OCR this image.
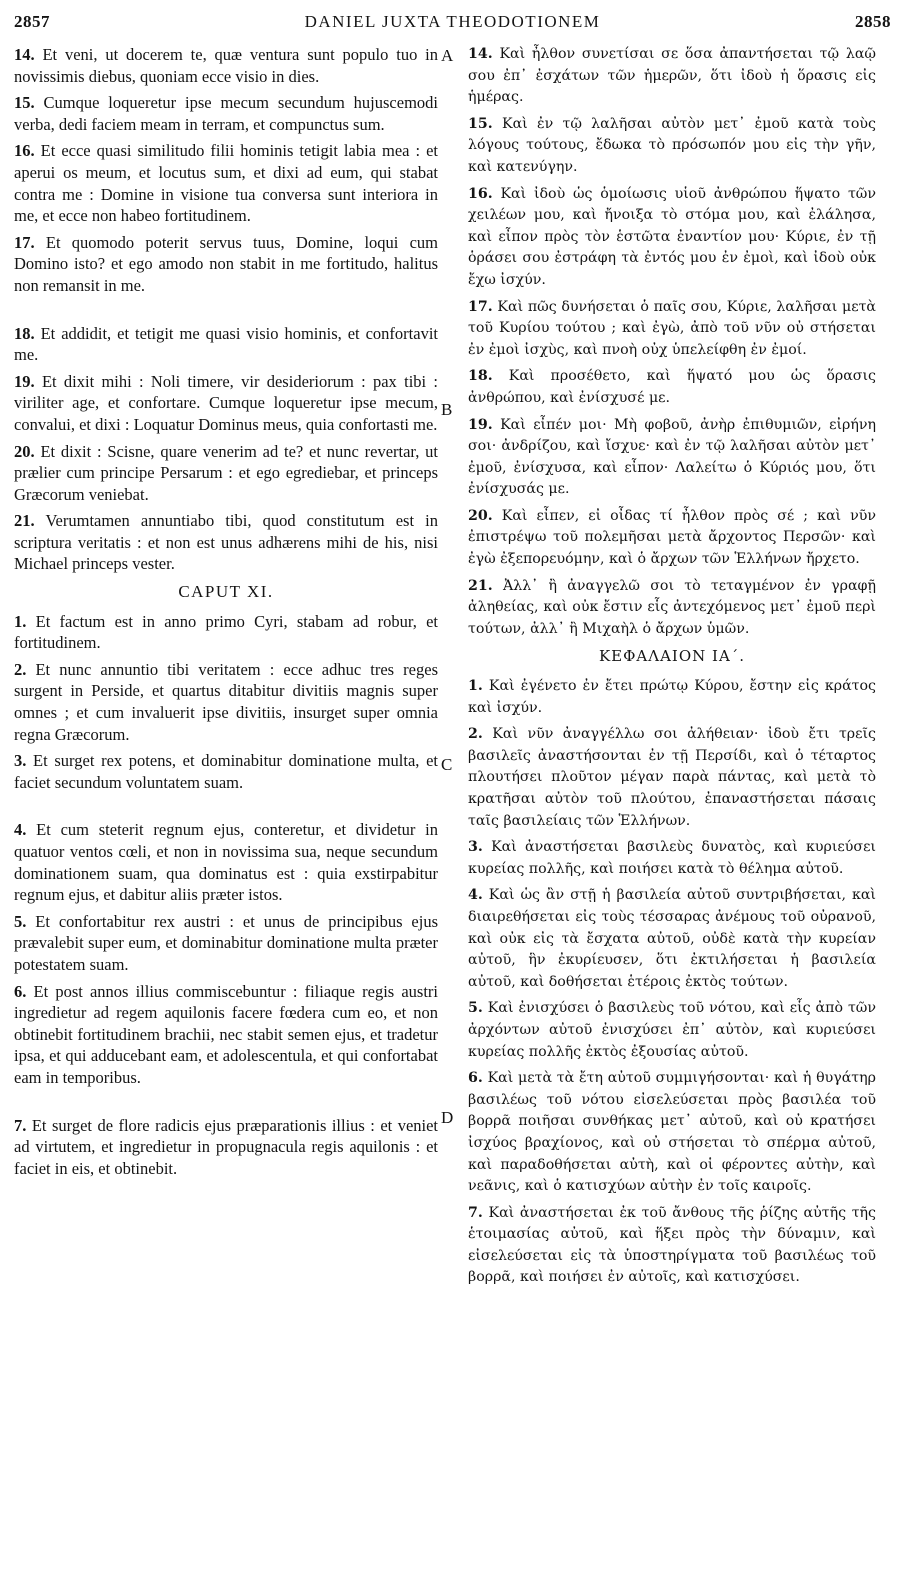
2857	DANIEL JUXTA THEODOTIONEM	2858
A
B
C
D

14. Et veni, ut docerem te, quæ ventura sunt populo tuo in novissimis diebus, quoniam ecce visio in dies.

15. Cumque loqueretur ipse mecum secundum hujuscemodi verba, dedi faciem meam in terram, et compunctus sum.

16. Et ecce quasi similitudo filii hominis tetigit labia mea : et aperui os meum, et locutus sum, et dixi ad eum, qui stabat contra me : Domine in visione tua conversa sunt interiora in me, et ecce non habeo fortitudinem.

17. Et quomodo poterit servus tuus, Domine, loqui cum Domino isto? et ego amodo non stabit in me fortitudo, halitus non remansit in me.

18. Et addidit, et tetigit me quasi visio hominis, et confortavit me.

19. Et dixit mihi : Noli timere, vir desideriorum : pax tibi : viriliter age, et confortare. Cumque loqueretur ipse mecum, convalui, et dixi : Loquatur Dominus meus, quia confortasti me.

20. Et dixit : Scisne, quare venerim ad te? et nunc revertar, ut prælier cum principe Persarum : et ego egrediebar, et princeps Græcorum veniebat.

21. Verumtamen annuntiabo tibi, quod constitutum est in scriptura veritatis : et non est unus adhærens mihi de his, nisi Michael princeps vester.

CAPUT XI.

1. Et factum est in anno primo Cyri, stabam ad robur, et fortitudinem.

2. Et nunc annuntio tibi veritatem : ecce adhuc tres reges surgent in Perside, et quartus ditabitur divitiis magnis super omnes ; et cum invaluerit ipse divitiis, insurget super omnia regna Græcorum.

3. Et surget rex potens, et dominabitur dominatione multa, et faciet secundum voluntatem suam.

4. Et cum steterit regnum ejus, conteretur, et dividetur in quatuor ventos cœli, et non in novissima sua, neque secundum dominationem suam, qua dominatus est : quia exstirpabitur regnum ejus, et dabitur aliis præter istos.

5. Et confortabitur rex austri : et unus de principibus ejus prævalebit super eum, et dominabitur dominatione multa præter potestatem suam.

6. Et post annos illius commiscebuntur : filiaque regis austri ingredietur ad regem aquilonis facere fœdera cum eo, et non obtinebit fortitudinem brachii, nec stabit semen ejus, et tradetur ipsa, et qui adducebant eam, et adolescentula, et qui confortabat eam in temporibus.

7. Et surget de flore radicis ejus præparationis illius : et veniet ad virtutem, et ingredietur in propugnacula regis aquilonis : et faciet in eis, et obtinebit.

14. Καὶ ἦλθον συνετίσαι σε ὅσα ἀπαντήσεται τῷ λαῷ σου ἐπ᾽ ἐσχάτων τῶν ἡμερῶν, ὅτι ἰδοὺ ἡ ὅρασις εἰς ἡμέρας.

15. Καὶ ἐν τῷ λαλῆσαι αὐτὸν μετ᾽ ἐμοῦ κατὰ τοὺς λόγους τούτους, ἔδωκα τὸ πρόσωπόν μου εἰς τὴν γῆν, καὶ κατενύγην.

16. Καὶ ἰδοὺ ὡς ὁμοίωσις υἱοῦ ἀνθρώπου ἥψατο τῶν χειλέων μου, καὶ ἤνοιξα τὸ στόμα μου, καὶ ἐλάλησα, καὶ εἶπον πρὸς τὸν ἑστῶτα ἐναντίον μου· Κύριε, ἐν τῇ ὁράσει σου ἐστράφη τὰ ἐντός μου ἐν ἐμοὶ, καὶ ἰδοὺ οὐκ ἔχω ἰσχύν.

17. Καὶ πῶς δυνήσεται ὁ παῖς σου, Κύριε, λαλῆσαι μετὰ τοῦ Κυρίου τούτου ; καὶ ἐγὼ, ἀπὸ τοῦ νῦν οὐ στήσεται ἐν ἐμοὶ ἰσχὺς, καὶ πνοὴ οὐχ ὑπελείφθη ἐν ἐμοί.

18. Καὶ προσέθετο, καὶ ἥψατό μου ὡς ὅρασις ἀνθρώπου, καὶ ἐνίσχυσέ με.

19. Καὶ εἶπέν μοι· Μὴ φοβοῦ, ἀνὴρ ἐπιθυμιῶν, εἰρήνη σοι· ἀνδρίζου, καὶ ἴσχυε· καὶ ἐν τῷ λαλῆσαι αὐτὸν μετ᾽ ἐμοῦ, ἐνίσχυσα, καὶ εἶπον· Λαλείτω ὁ Κύριός μου, ὅτι ἐνίσχυσάς με.

20. Καὶ εἶπεν, εἰ οἶδας τί ἦλθον πρὸς σέ ; καὶ νῦν ἐπιστρέψω τοῦ πολεμῆσαι μετὰ ἄρχοντος Περσῶν· καὶ ἐγὼ ἐξεπορευόμην, καὶ ὁ ἄρχων τῶν Ἑλλήνων ἤρχετο.

21. Ἀλλ᾽ ἢ ἀναγγελῶ σοι τὸ τεταγμένον ἐν γραφῇ ἀληθείας, καὶ οὐκ ἔστιν εἷς ἀντεχόμενος μετ᾽ ἐμοῦ περὶ τούτων, ἀλλ᾽ ἢ Μιχαὴλ ὁ ἄρχων ὑμῶν.

ΚΕΦΑΛΑΙΟΝ ΙΑ΄.

1. Καὶ ἐγένετο ἐν ἔτει πρώτῳ Κύρου, ἔστην εἰς κράτος καὶ ἰσχύν.

2. Καὶ νῦν ἀναγγέλλω σοι ἀλήθειαν· ἰδοὺ ἔτι τρεῖς βασιλεῖς ἀναστήσονται ἐν τῇ Περσίδι, καὶ ὁ τέταρτος πλουτήσει πλοῦτον μέγαν παρὰ πάντας, καὶ μετὰ τὸ κρατῆσαι αὐτὸν τοῦ πλούτου, ἐπαναστήσεται πάσαις ταῖς βασιλείαις τῶν Ἑλλήνων.

3. Καὶ ἀναστήσεται βασιλεὺς δυνατὸς, καὶ κυριεύσει κυρείας πολλῆς, καὶ ποιήσει κατὰ τὸ θέλημα αὐτοῦ.

4. Καὶ ὡς ἂν στῇ ἡ βασιλεία αὐτοῦ συντριβήσεται, καὶ διαιρεθήσεται εἰς τοὺς τέσσαρας ἀνέμους τοῦ οὐρανοῦ, καὶ οὐκ εἰς τὰ ἔσχατα αὐτοῦ, οὐδὲ κατὰ τὴν κυρείαν αὐτοῦ, ἣν ἐκυρίευσεν, ὅτι ἐκτιλήσεται ἡ βασιλεία αὐτοῦ, καὶ δοθήσεται ἑτέροις ἐκτὸς τούτων.

5. Καὶ ἐνισχύσει ὁ βασιλεὺς τοῦ νότου, καὶ εἷς ἀπὸ τῶν ἀρχόντων αὐτοῦ ἐνισχύσει ἐπ᾽ αὐτὸν, καὶ κυριεύσει κυρείας πολλῆς ἐκτὸς ἐξουσίας αὐτοῦ.

6. Καὶ μετὰ τὰ ἔτη αὐτοῦ συμμιγήσονται· καὶ ἡ θυγάτηρ βασιλέως τοῦ νότου εἰσελεύσεται πρὸς βασιλέα τοῦ βορρᾶ ποιῆσαι συνθήκας μετ᾽ αὐτοῦ, καὶ οὐ κρατήσει ἰσχύος βραχίονος, καὶ οὐ στήσεται τὸ σπέρμα αὐτοῦ, καὶ παραδοθήσεται αὐτὴ, καὶ οἱ φέροντες αὐτὴν, καὶ νεᾶνις, καὶ ὁ κατισχύων αὐτὴν ἐν τοῖς καιροῖς.

7. Καὶ ἀναστήσεται ἐκ τοῦ ἄνθους τῆς ῥίζης αὐτῆς τῆς ἑτοιμασίας αὐτοῦ, καὶ ἥξει πρὸς τὴν δύναμιν, καὶ εἰσελεύσεται εἰς τὰ ὑποστηρίγματα τοῦ βασιλέως τοῦ βορρᾶ, καὶ ποιήσει ἐν αὐτοῖς, καὶ κατισχύσει.
